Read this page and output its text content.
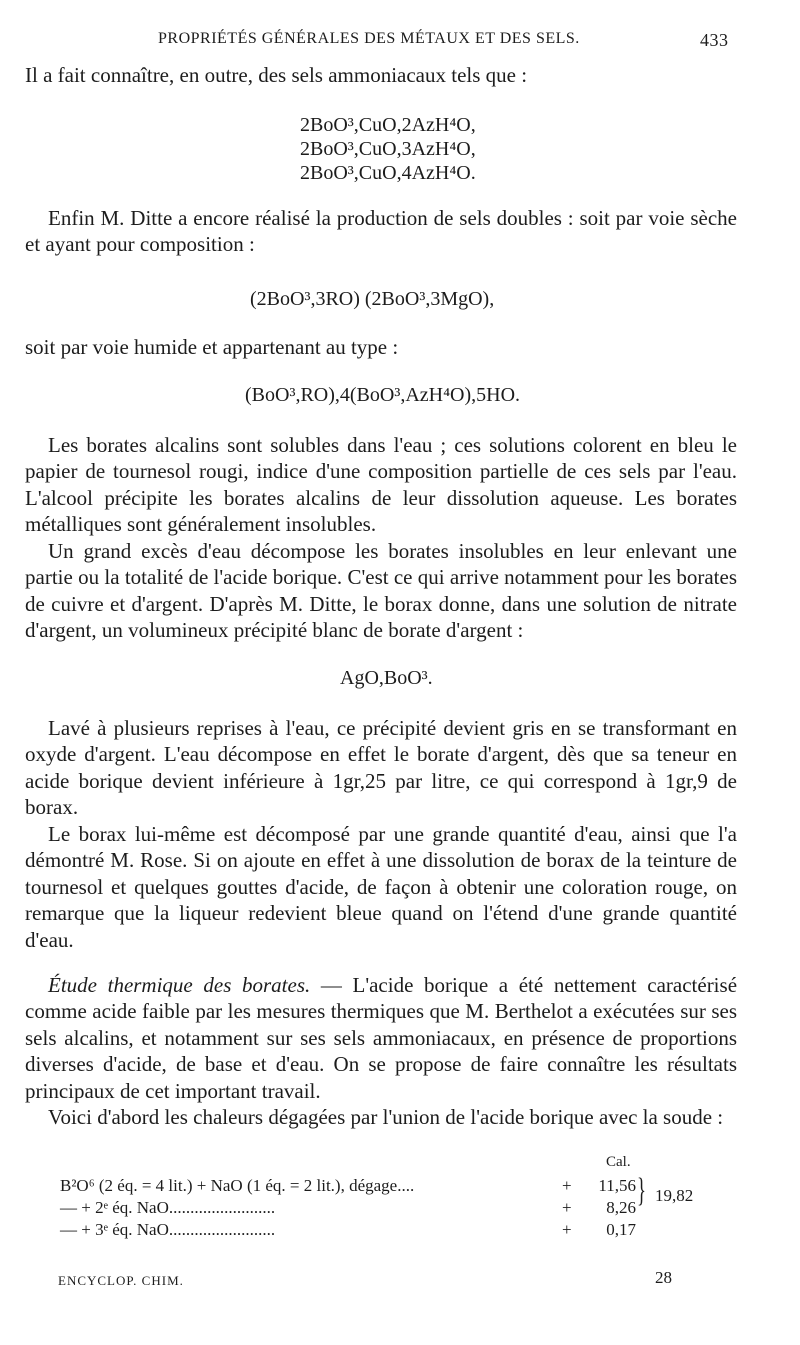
PROPRIÉTÉS GÉNÉRALES DES MÉTAUX ET DES SELS.	433
Il a fait connaître, en outre, des sels ammoniacaux tels que :
2BoO³,CuO,2AzH⁴O,
2BoO³,CuO,3AzH⁴O,
2BoO³,CuO,4AzH⁴O.
Enfin M. Ditte a encore réalisé la production de sels doubles : soit par voie sèche et ayant pour composition :
(2BoO³,3RO) (2BoO³,3MgO),
soit par voie humide et appartenant au type :
(BoO³,RO),4(BoO³,AzH⁴O),5HO.
Les borates alcalins sont solubles dans l'eau ; ces solutions colorent en bleu le papier de tournesol rougi, indice d'une composition partielle de ces sels par l'eau. L'alcool précipite les borates alcalins de leur dissolution aqueuse. Les borates métalliques sont généralement insolubles.
Un grand excès d'eau décompose les borates insolubles en leur enlevant une partie ou la totalité de l'acide borique. C'est ce qui arrive notamment pour les borates de cuivre et d'argent. D'après M. Ditte, le borax donne, dans une solution de nitrate d'argent, un volumineux précipité blanc de borate d'argent :
AgO,BoO³.
Lavé à plusieurs reprises à l'eau, ce précipité devient gris en se transformant en oxyde d'argent. L'eau décompose en effet le borate d'argent, dès que sa teneur en acide borique devient inférieure à 1gr,25 par litre, ce qui correspond à 1gr,9 de borax.
Le borax lui-même est décomposé par une grande quantité d'eau, ainsi que l'a démontré M. Rose. Si on ajoute en effet à une dissolution de borax de la teinture de tournesol et quelques gouttes d'acide, de façon à obtenir une coloration rouge, on remarque que la liqueur redevient bleue quand on l'étend d'une grande quantité d'eau.
Étude thermique des borates. — L'acide borique a été nettement caractérisé comme acide faible par les mesures thermiques que M. Berthelot a exécutées sur ses sels alcalins, et notamment sur ses sels ammoniacaux, en présence de proportions diverses d'acide, de base et d'eau. On se propose de faire connaître les résultats principaux de cet important travail.
Voici d'abord les chaleurs dégagées par l'union de l'acide borique avec la soude :
Cal.
B²O⁶ (2 éq. = 4 lit.) + NaO (1 éq. = 2 lit.), dégage....	+	11,56
— + 2ᵉ éq. NaO.........................	+	8,26
— + 3ᵉ éq. NaO.........................	+	0,17
} 19,82
ENCYCLOP. CHIM.	28
